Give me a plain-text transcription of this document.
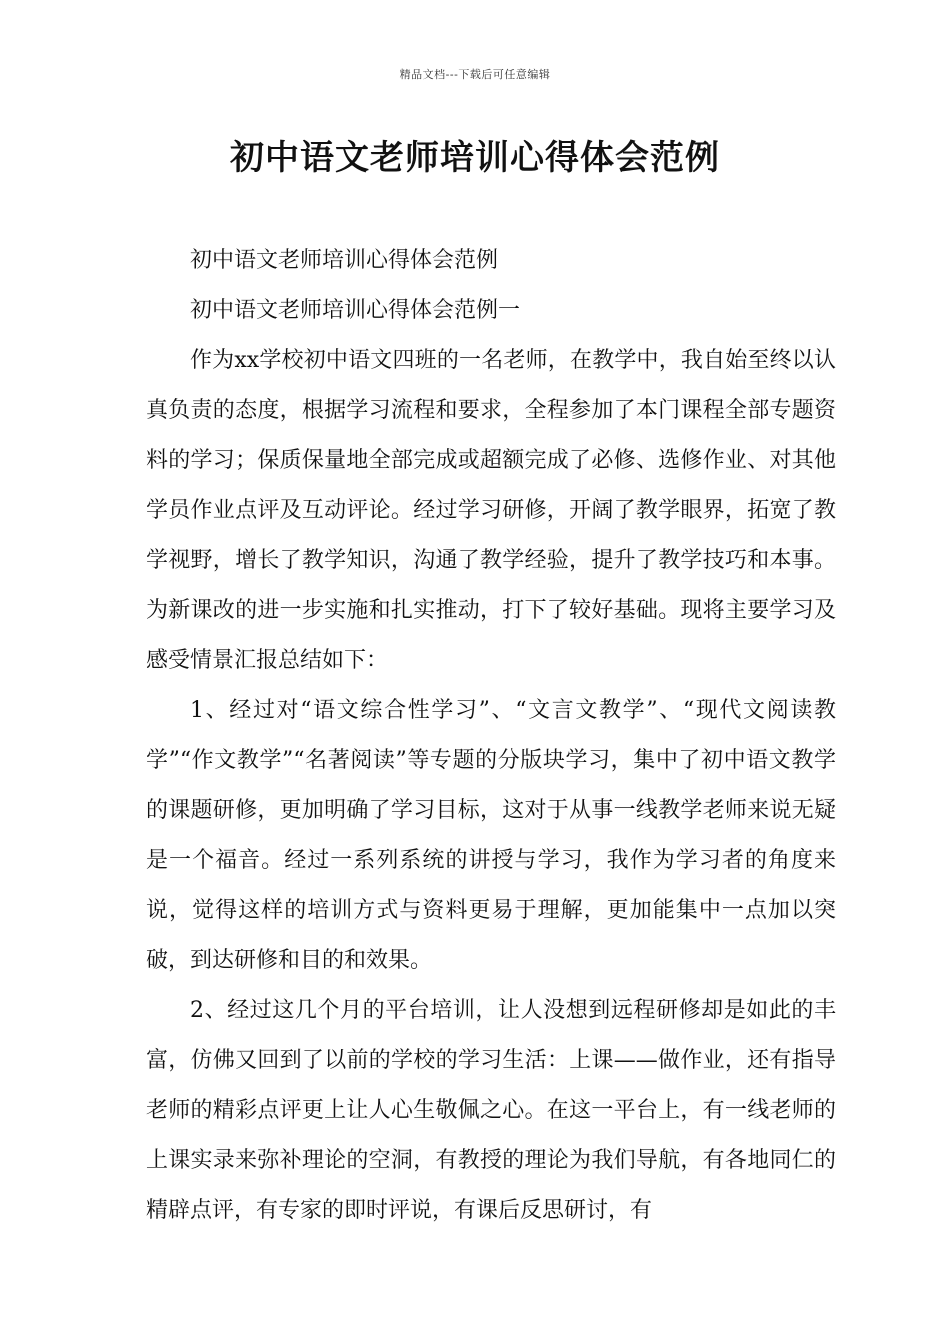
精品文档---下载后可任意编辑
初中语文老师培训心得体会范例

初中语文老师培训心得体会范例

初中语文老师培训心得体会范例一

作为xx学校初中语文四班的一名老师，在教学中，我自始至终以认真负责的态度，根据学习流程和要求，全程参加了本门课程全部专题资料的学习；保质保量地全部完成或超额完成了必修、选修作业、对其他学员作业点评及互动评论。经过学习研修，开阔了教学眼界，拓宽了教学视野，增长了教学知识，沟通了教学经验，提升了教学技巧和本事。为新课改的进一步实施和扎实推动，打下了较好基础。现将主要学习及感受情景汇报总结如下：

1、经过对“语文综合性学习”、“文言文教学”、“现代文阅读教学”“作文教学”“名著阅读”等专题的分版块学习，集中了初中语文教学的课题研修，更加明确了学习目标，这对于从事一线教学老师来说无疑是一个福音。经过一系列系统的讲授与学习，我作为学习者的角度来说，觉得这样的培训方式与资料更易于理解，更加能集中一点加以突破，到达研修和目的和效果。

2、经过这几个月的平台培训，让人没想到远程研修却是如此的丰富，仿佛又回到了以前的学校的学习生活：上课——做作业，还有指导老师的精彩点评更上让人心生敬佩之心。在这一平台上，有一线老师的上课实录来弥补理论的空洞，有教授的理论为我们导航，有各地同仁的精辟点评，有专家的即时评说，有课后反思研讨，有
